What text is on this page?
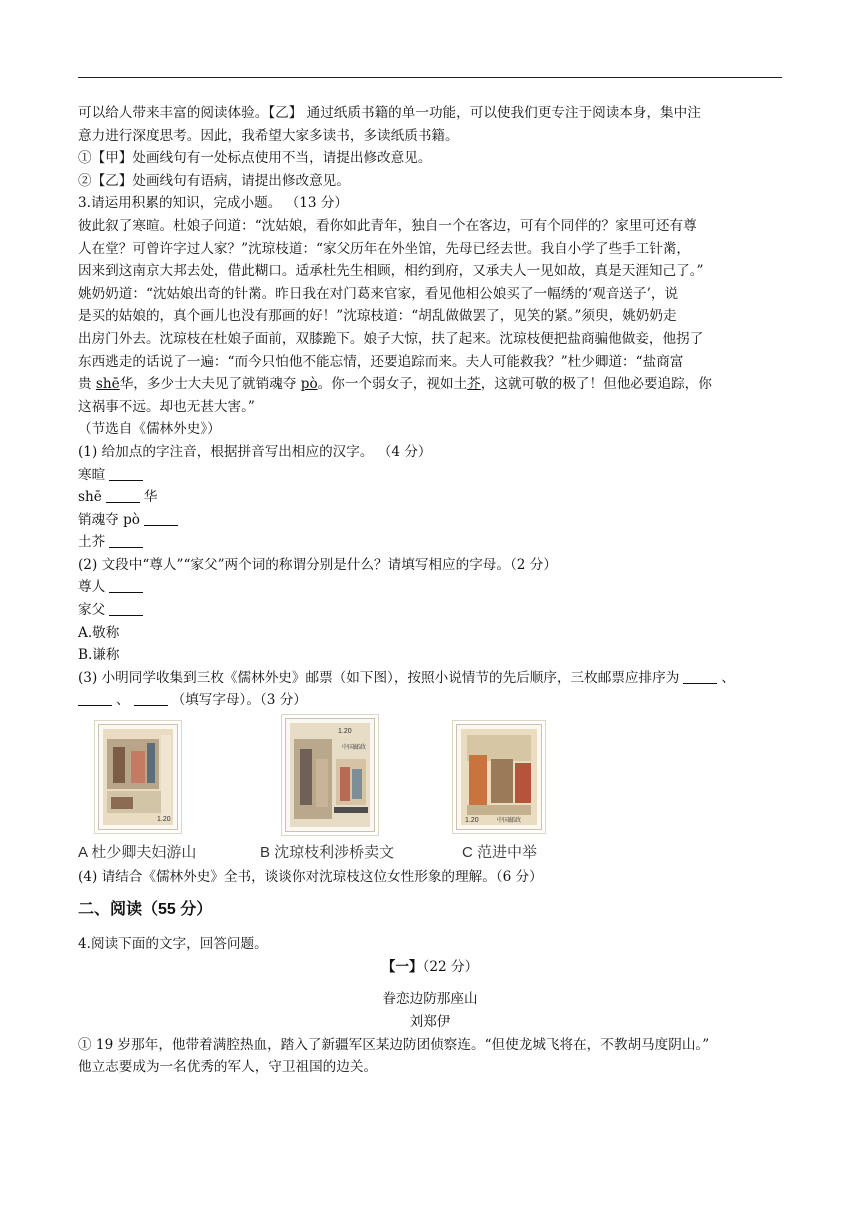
可以给人带来丰富的阅读体验。【乙】 通过纸质书籍的单一功能，可以使我们更专注于阅读本身，集中注

意力进行深度思考。因此，我希望大家多读书，多读纸质书籍。

①【甲】处画线句有一处标点使用不当，请提出修改意见。

②【乙】处画线句有语病，请提出修改意见。

3.请运用积累的知识，完成小题。 （13 分）

彼此叙了寒暄。杜娘子问道：“沈姑娘，看你如此青年，独自一个在客边，可有个同伴的？家里可还有尊

人在堂？可曾许字过人家？”沈琼枝道：“家父历年在外坐馆，先母已经去世。我自小学了些手工针黹，

因来到这南京大邦去处，借此糊口。适承杜先生相顾，相约到府，又承夫人一见如故，真是天涯知己了。”

姚奶奶道：“沈姑娘出奇的针黹。昨日我在对门葛来官家，看见他相公娘买了一幅绣的‘观音送子’，说

是买的姑娘的，真个画儿也没有那画的好！”沈琼枝道：“胡乱做做罢了，见笑的紧。”须臾，姚奶奶走

出房门外去。沈琼枝在杜娘子面前，双膝跪下。娘子大惊，扶了起来。沈琼枝便把盐商骗他做妾，他拐了

东西逃走的话说了一遍：“而今只怕他不能忘情，还要追踪而来。夫人可能救我？”杜少卿道：“盐商富

贵 shē华，多少士大夫见了就销魂夺 pò。你一个弱女子，视如土芥，这就可敬的极了！但他必要追踪，你

这祸事不远。却也无甚大害。”

（节选自《儒林外史》）

(1) 给加点的字注音，根据拼音写出相应的汉字。 （4 分）

寒暄

shē	华

销魂夺 pò

土芥

(2) 文段中“尊人”“家父”两个词的称谓分别是什么？请填写相应的字母。（2 分）

尊人

家父

A.敬称

B.谦称

(3) 小明同学收集到三枚《儒林外史》邮票（如下图），按照小说情节的先后顺序，三枚邮票应排序为	、

、	（填写字母）。（3 分）

1.20
1.20
中国邮政
1.20	中国邮政
A 杜少卿夫妇游山	B 沈琼枝利涉桥卖文	C 范进中举

(4) 请结合《儒林外史》全书，谈谈你对沈琼枝这位女性形象的理解。（6 分）

二、阅读（55 分）

4.阅读下面的文字，回答问题。

【一】（22 分）

眷恋边防那座山

刘郑伊

① 19 岁那年，他带着满腔热血，踏入了新疆军区某边防团侦察连。“但使龙城飞将在，不教胡马度阴山。”

他立志要成为一名优秀的军人，守卫祖国的边关。
